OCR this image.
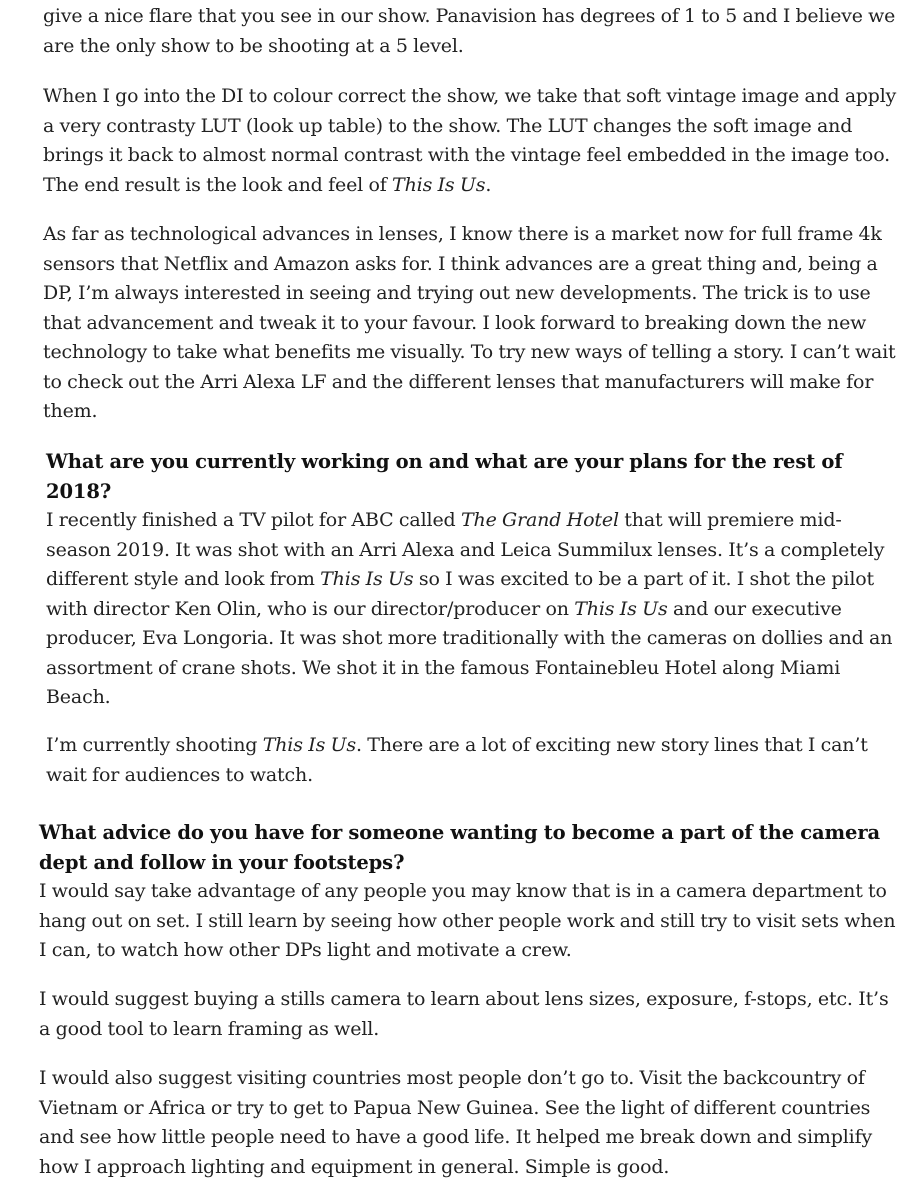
give a nice flare that you see in our show. Panavision has degrees of 1 to 5 and I believe we
are the only show to be shooting at a 5 level.

When I go into the DI to colour correct the show, we take that soft vintage image and apply
a very contrasty LUT (look up table) to the show. The LUT changes the soft image and
brings it back to almost normal contrast with the vintage feel embedded in the image too.
The end result is the look and feel of This Is Us.

As far as technological advances in lenses, I know there is a market now for full frame 4k
sensors that Netflix and Amazon asks for. I think advances are a great thing and, being a
DP, I’m always interested in seeing and trying out new developments. The trick is to use
that advancement and tweak it to your favour. I look forward to breaking down the new
technology to take what benefits me visually. To try new ways of telling a story. I can’t wait
to check out the Arri Alexa LF and the different lenses that manufacturers will make for
them.

What are you currently working on and what are your plans for the rest of
2018?

I recently finished a TV pilot for ABC called The Grand Hotel that will premiere mid-
season 2019. It was shot with an Arri Alexa and Leica Summilux lenses. It’s a completely
different style and look from This Is Us so I was excited to be a part of it. I shot the pilot
with director Ken Olin, who is our director/producer on This Is Us and our executive
producer, Eva Longoria. It was shot more traditionally with the cameras on dollies and an
assortment of crane shots. We shot it in the famous Fontainebleu Hotel along Miami
Beach.

I’m currently shooting This Is Us. There are a lot of exciting new story lines that I can’t
wait for audiences to watch.

What advice do you have for someone wanting to become a part of the camera
dept and follow in your footsteps?

I would say take advantage of any people you may know that is in a camera department to
hang out on set. I still learn by seeing how other people work and still try to visit sets when
I can, to watch how other DPs light and motivate a crew.

I would suggest buying a stills camera to learn about lens sizes, exposure, f-stops, etc. It’s
a good tool to learn framing as well.

I would also suggest visiting countries most people don’t go to. Visit the backcountry of
Vietnam or Africa or try to get to Papua New Guinea. See the light of different countries
and see how little people need to have a good life. It helped me break down and simplify
how I approach lighting and equipment in general. Simple is good.
